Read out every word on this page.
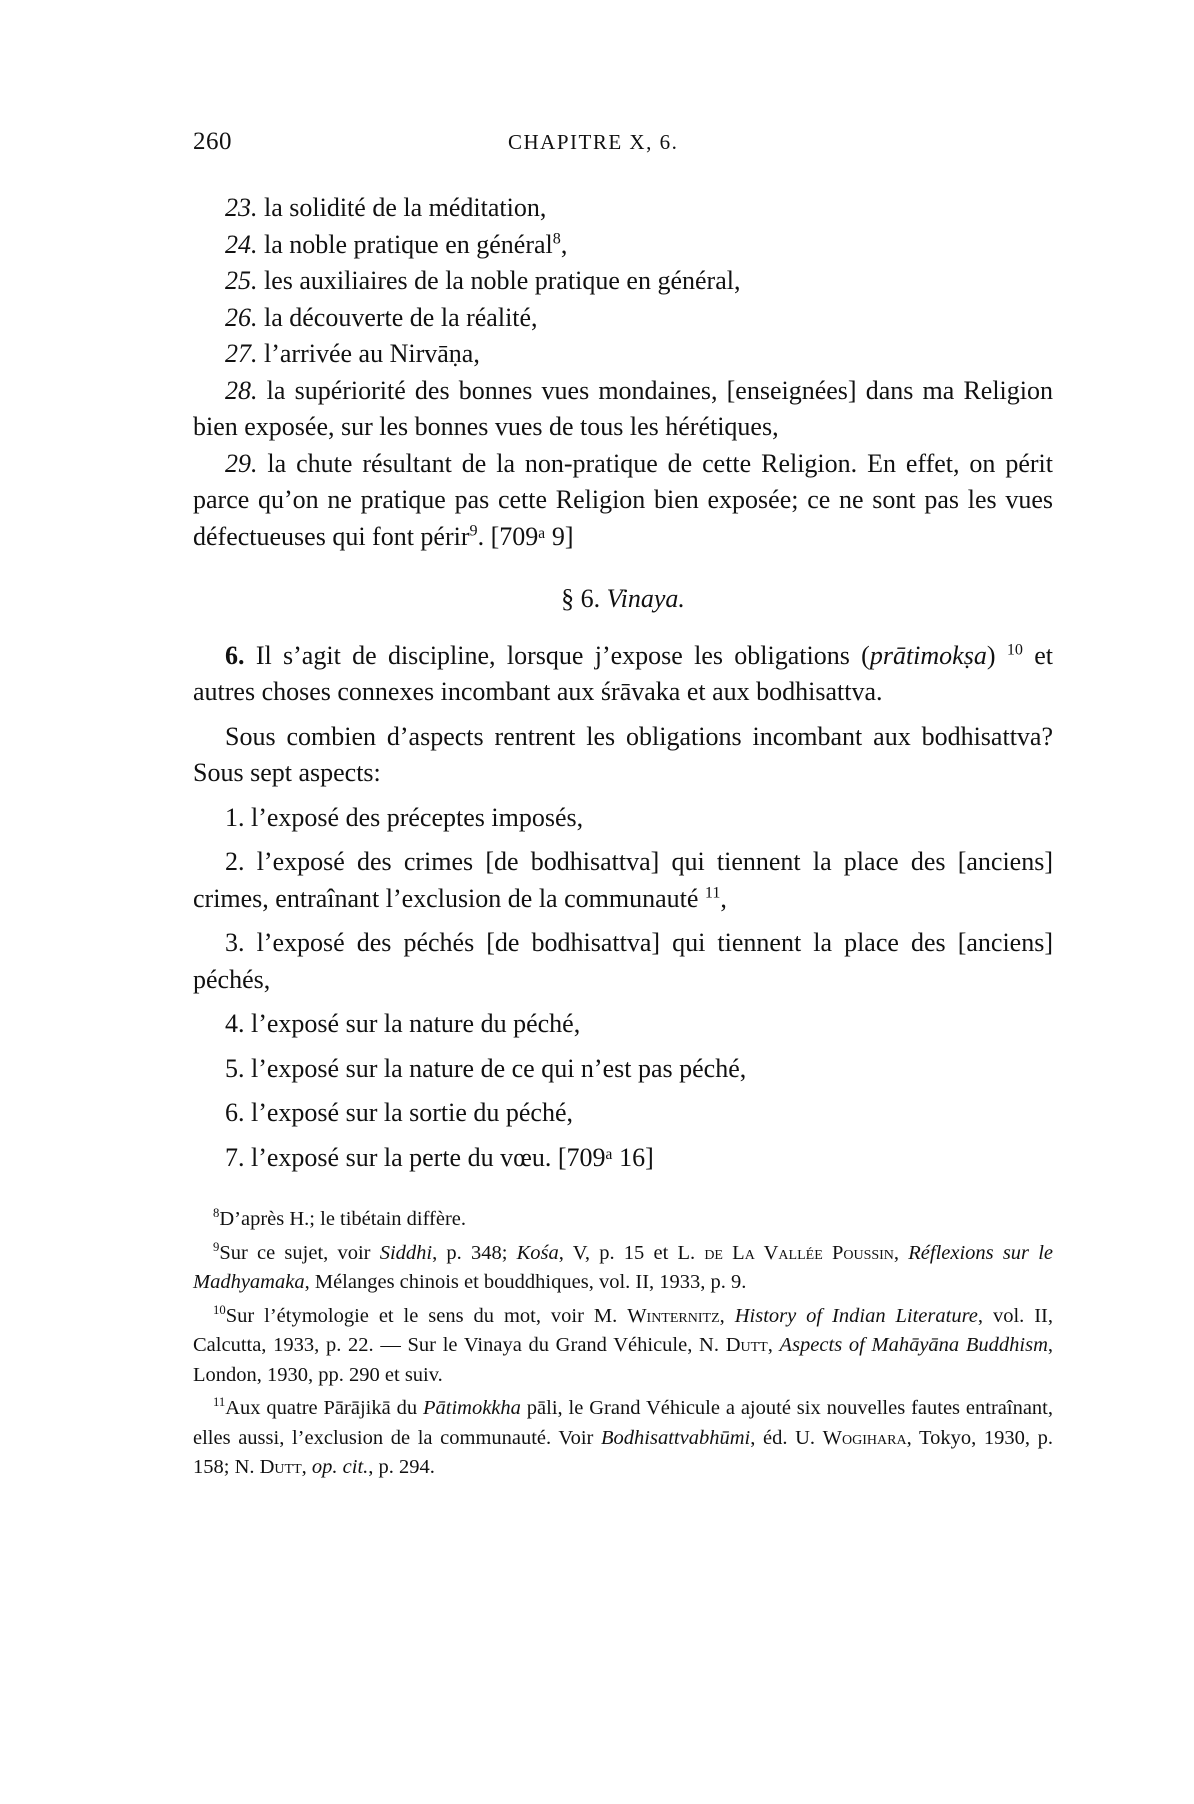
260	CHAPITRE X, 6.

23. la solidité de la méditation,

24. la noble pratique en général$^8$,

25. les auxiliaires de la noble pratique en général,

26. la découverte de la réalité,

27. l’arrivée au Nirvāṇa,

28. la supériorité des bonnes vues mondaines, [enseignées] dans ma Religion bien exposée, sur les bonnes vues de tous les hérétiques,

29. la chute résultant de la non-pratique de cette Religion. En effet, on périt parce qu’on ne pratique pas cette Religion bien exposée; ce ne sont pas les vues défectueuses qui font périr$^9$. [709ᵃ 9]

§ 6. Vinaya.

6. Il s’agit de discipline, lorsque j’expose les obligations (prātimokṣa) $^{10}$ et autres choses connexes incombant aux śrāvaka et aux bodhisattva.

Sous combien d’aspects rentrent les obligations incombant aux bodhisattva? Sous sept aspects:

1. l’exposé des préceptes imposés,

2. l’exposé des crimes [de bodhisattva] qui tiennent la place des [anciens] crimes, entraînant l’exclusion de la communauté $^{11}$,

3. l’exposé des péchés [de bodhisattva] qui tiennent la place des [anciens] péchés,

4. l’exposé sur la nature du péché,

5. l’exposé sur la nature de ce qui n’est pas péché,

6. l’exposé sur la sortie du péché,

7. l’exposé sur la perte du vœu. [709ᵃ 16]

$^8$D’après H.; le tibétain diffère.

$^9$Sur ce sujet, voir Siddhi, p. 348; Kośa, V, p. 15 et L. de La Vallée Poussin, Réflexions sur le Madhyamaka, Mélanges chinois et bouddhiques, vol. II, 1933, p. 9.

$^{10}$Sur l’étymologie et le sens du mot, voir M. Winternitz, History of Indian Literature, vol. II, Calcutta, 1933, p. 22. — Sur le Vinaya du Grand Véhicule, N. Dutt, Aspects of Mahāyāna Buddhism, London, 1930, pp. 290 et suiv.

$^{11}$Aux quatre Pārājikā du Pātimokkha pāli, le Grand Véhicule a ajouté six nouvelles fautes entraînant, elles aussi, l’exclusion de la communauté. Voir Bodhisattvabhūmi, éd. U. Wogihara, Tokyo, 1930, p. 158; N. Dutt, op. cit., p. 294.
